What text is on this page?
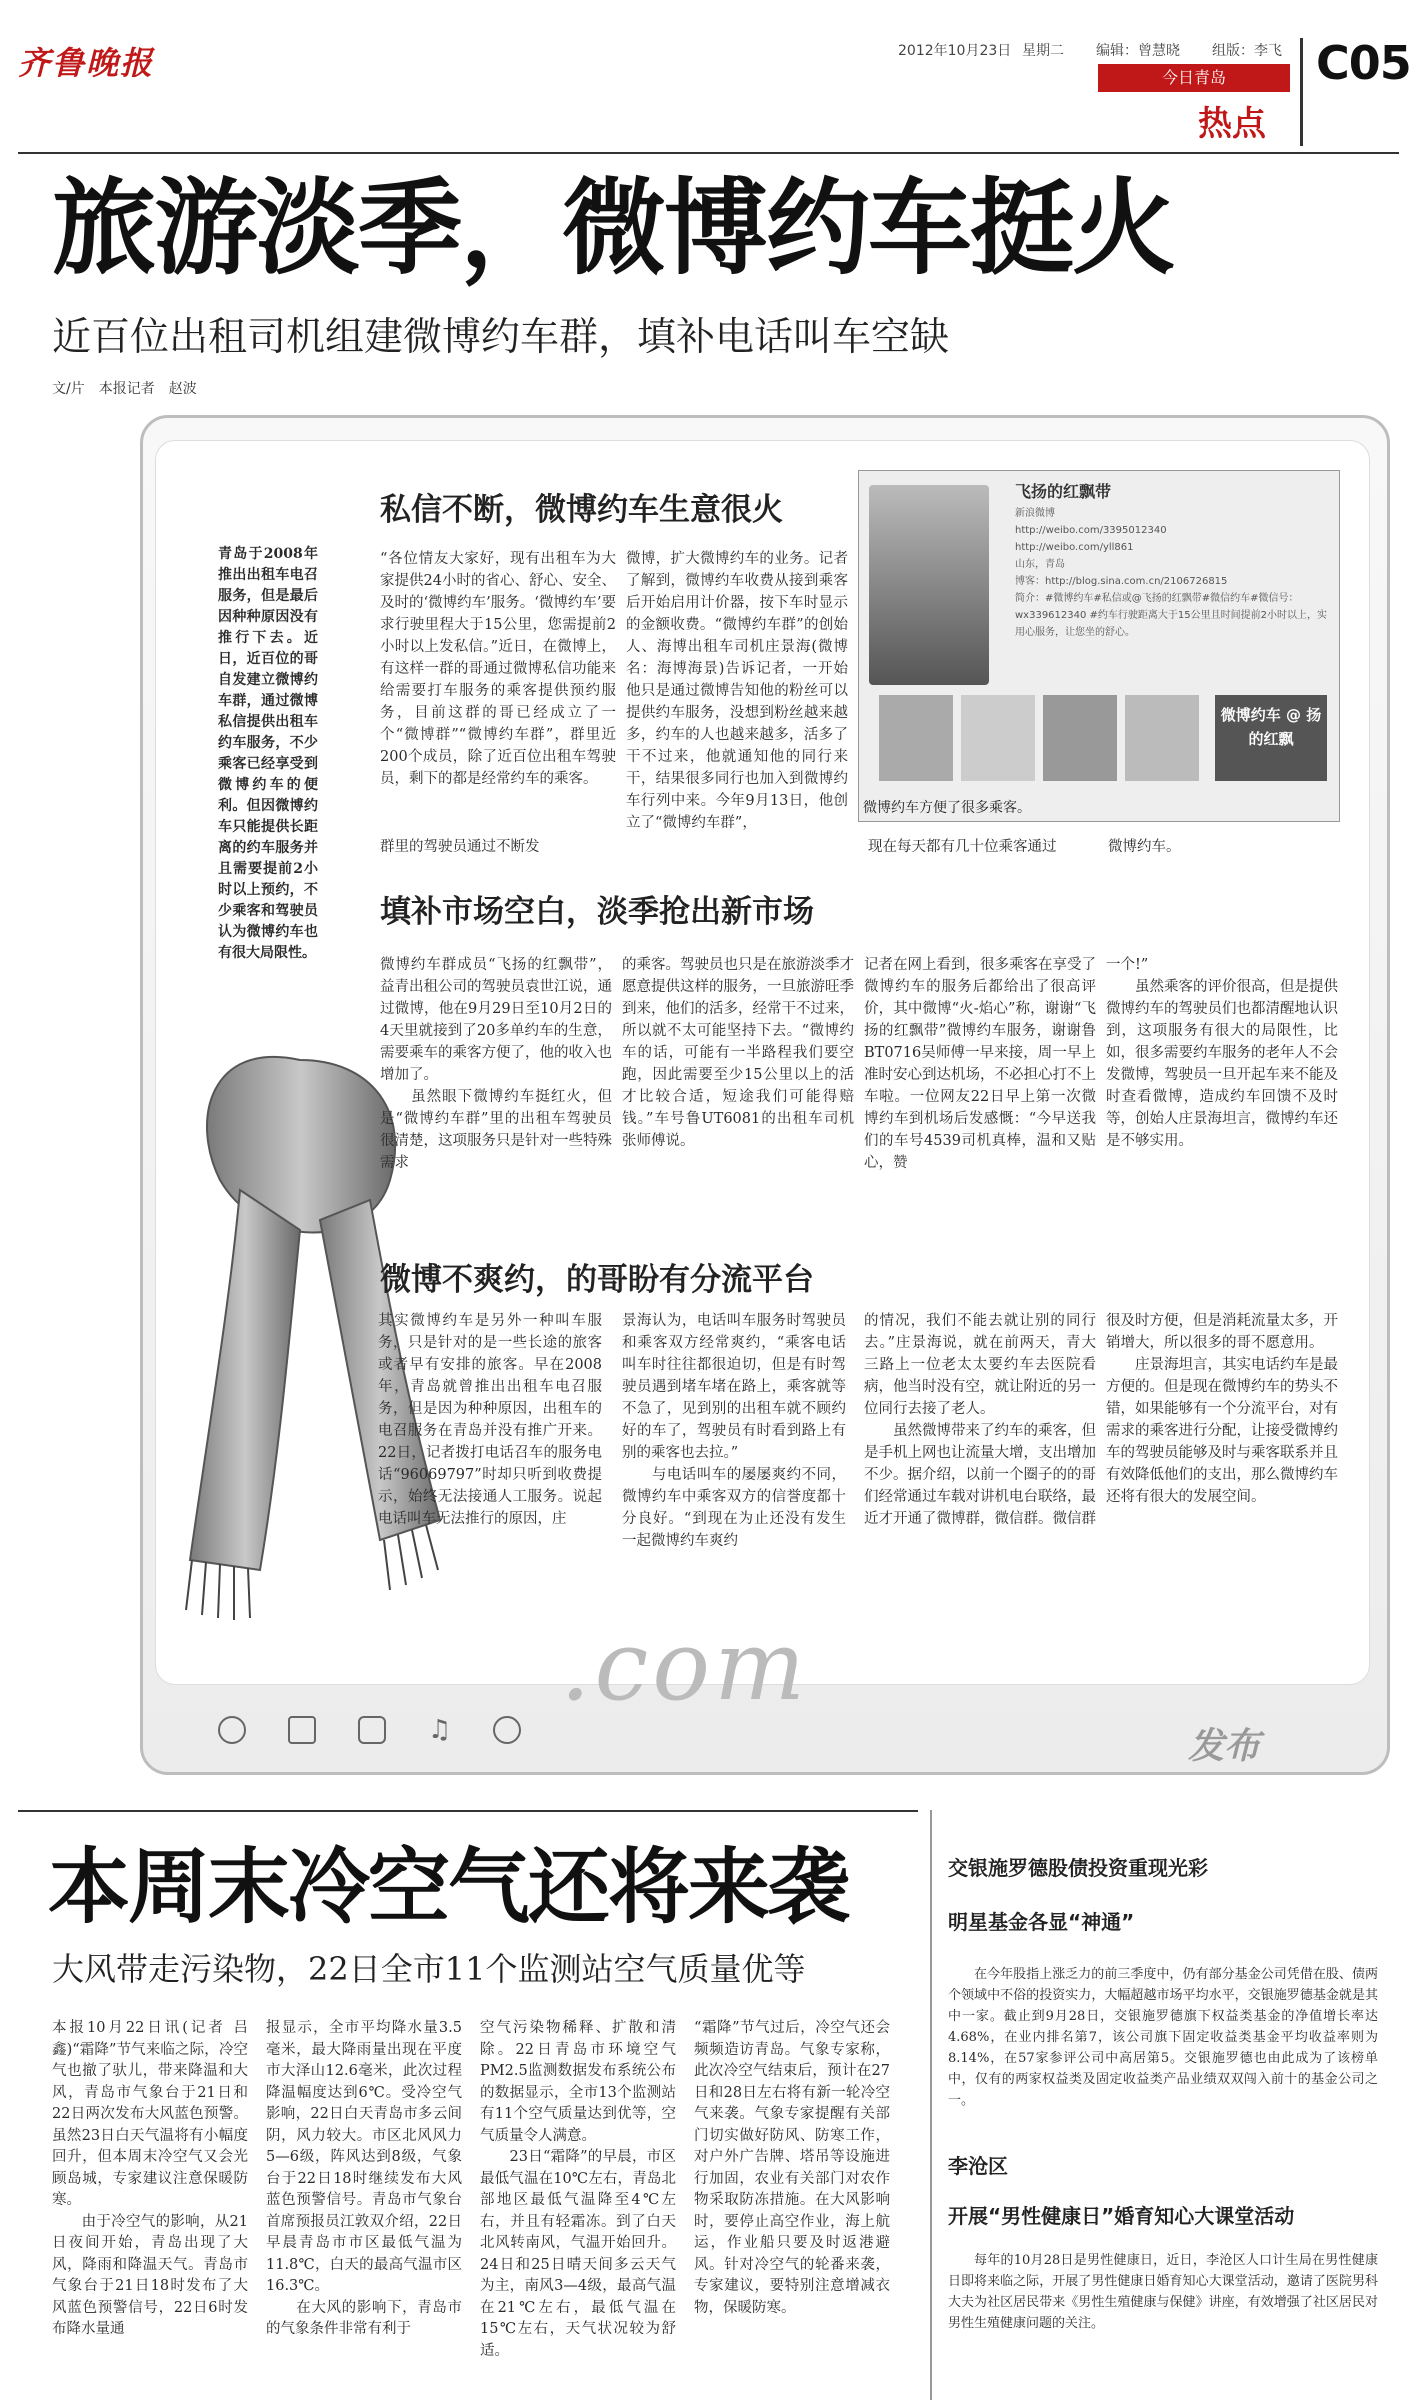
齐鲁晚报	2012年10月23日 星期二 编辑：曾慧晓 组版：李飞
今日青岛
热点
C05
旅游淡季，微博约车挺火
近百位出租司机组建微博约车群，填补电话叫车空缺
文/片　本报记者　赵波
青岛于2008年推出出租车电召服务，但是最后因种种原因没有推行下去。近日，近百位的哥自发建立微博约车群，通过微博私信提供出租车约车服务，不少乘客已经享受到微博约车的便利。但因微博约车只能提供长距离的约车服务并且需要提前2小时以上预约，不少乘客和驾驶员认为微博约车也有很大局限性。
飞扬的红飘带
新浪微博
http://weibo.com/3395012340
http://weibo.com/yll861
山东，青岛
博客：http://blog.sina.com.cn/2106726815
简介：#微博约车#私信或@飞扬的红飘带#微信约车#微信号：
wx339612340 #约车行驶距离大于15公里且时间提前2小时以上，实用心服务，让您坐的舒心。
微博约车 @ 扬的红飘
微博约车方便了很多乘客。
私信不断，微博约车生意很火
“各位情友大家好，现有出租车为大家提供24小时的省心、舒心、安全、及时的‘微博约车’服务。‘微博约车’要求行驶里程大于15公里，您需提前2小时以上发私信。”近日，在微博上，有这样一群的哥通过微博私信功能来给需要打车服务的乘客提供预约服务，目前这群的哥已经成立了一个“微博群”“微博约车群”，群里近200个成员，除了近百位出租车驾驶员，剩下的都是经常约车的乘客。
群里的驾驶员通过不断发
微博，扩大微博约车的业务。记者了解到，微博约车收费从接到乘客后开始启用计价器，按下车时显示的金额收费。“微博约车群”的创始人、海博出租车司机庄景海(微博名：海博海景)告诉记者，一开始他只是通过微博告知他的粉丝可以提供约车服务，没想到粉丝越来越多，约车的人也越来越多，活多了干不过来，他就通知他的同行来干，结果很多同行也加入到微博约车行列中来。今年9月13日，他创立了“微博约车群”，
现在每天都有几十位乘客通过	微博约车。
填补市场空白，淡季抢出新市场
微博约车群成员“飞扬的红飘带”，益青出租公司的驾驶员袁世江说，通过微博，他在9月29日至10月2日的4天里就接到了20多单约车的生意，需要乘车的乘客方便了，他的收入也增加了。
　　虽然眼下微博约车挺红火，但是“微博约车群”里的出租车驾驶员很清楚，这项服务只是针对一些特殊需求
的乘客。驾驶员也只是在旅游淡季才愿意提供这样的服务，一旦旅游旺季到来，他们的活多，经常干不过来，所以就不太可能坚持下去。“微博约车的话，可能有一半路程我们要空跑，因此需要至少15公里以上的活才比较合适，短途我们可能得赔钱。”车号鲁UT6081的出租车司机张师傅说。
记者在网上看到，很多乘客在享受了微博约车的服务后都给出了很高评价，其中微博“火-焰心”称，谢谢“飞扬的红飘带”微博约车服务，谢谢鲁BT0716吴师傅一早来接，周一早上准时安心到达机场，不必担心打不上车啦。一位网友22日早上第一次微博约车到机场后发感慨：“今早送我们的车号4539司机真棒，温和又贴心，赞
一个!”
　　虽然乘客的评价很高，但是提供微博约车的驾驶员们也都清醒地认识到，这项服务有很大的局限性，比如，很多需要约车服务的老年人不会发微博，驾驶员一旦开起车来不能及时查看微博，造成约车回馈不及时等，创始人庄景海坦言，微博约车还是不够实用。
微博不爽约，的哥盼有分流平台
其实微博约车是另外一种叫车服务，只是针对的是一些长途的旅客或者早有安排的旅客。早在2008年，青岛就曾推出出租车电召服务，但是因为种种原因，出租车的电召服务在青岛并没有推广开来。22日，记者拨打电话召车的服务电话“96069797”时却只听到收费提示，始终无法接通人工服务。说起电话叫车无法推行的原因，庄
景海认为，电话叫车服务时驾驶员和乘客双方经常爽约，“乘客电话叫车时往往都很迫切，但是有时驾驶员遇到堵车堵在路上，乘客就等不急了，见到别的出租车就不顾约好的车了，驾驶员有时看到路上有别的乘客也去拉。”
　　与电话叫车的屡屡爽约不同，微博约车中乘客双方的信誉度都十分良好。“到现在为止还没有发生一起微博约车爽约
的情况，我们不能去就让别的同行去。”庄景海说，就在前两天，青大三路上一位老太太要约车去医院看病，他当时没有空，就让附近的另一位同行去接了老人。
　　虽然微博带来了约车的乘客，但是手机上网也让流量大增，支出增加不少。据介绍，以前一个圈子的的哥们经常通过车载对讲机电台联络，最近才开通了微博群，微信群。微信群
很及时方便，但是消耗流量太多，开销增大，所以很多的哥不愿意用。
　　庄景海坦言，其实电话约车是最方便的。但是现在微博约车的势头不错，如果能够有一个分流平台，对有需求的乘客进行分配，让接受微博约车的驾驶员能够及时与乘客联系并且有效降低他们的支出，那么微博约车还将有很大的发展空间。
.com
♫	发布
本周末冷空气还将来袭
大风带走污染物，22日全市11个监测站空气质量优等
本报10月22日讯(记者 吕鑫)“霜降”节气来临之际，冷空气也撤了驮儿，带来降温和大风，青岛市气象台于21日和22日两次发布大风蓝色预警。虽然23日白天气温将有小幅度回升，但本周末冷空气又会光顾岛城，专家建议注意保暖防寒。
　　由于冷空气的影响，从21日夜间开始，青岛出现了大风，降雨和降温天气。青岛市气象台于21日18时发布了大风蓝色预警信号，22日6时发布降水量通
报显示，全市平均降水量3.5毫米，最大降雨量出现在平度市大泽山12.6毫米，此次过程降温幅度达到6℃。受冷空气影响，22日白天青岛市多云间阴，风力较大。市区北风风力5—6级，阵风达到8级，气象台于22日18时继续发布大风蓝色预警信号。青岛市气象台首席预报员江敦双介绍，22日早晨青岛市市区最低气温为11.8℃，白天的最高气温市区16.3℃。
　　在大风的影响下，青岛市的气象条件非常有利于
空气污染物稀释、扩散和清除。22日青岛市环境空气PM2.5监测数据发布系统公布的数据显示，全市13个监测站有11个空气质量达到优等，空气质量令人满意。
　　23日“霜降”的早晨，市区最低气温在10℃左右，青岛北部地区最低气温降至4℃左右，并且有轻霜冻。到了白天北风转南风，气温开始回升。24日和25日晴天间多云天气为主，南风3—4级，最高气温在21℃左右，最低气温在15℃左右，天气状况较为舒适。
“霜降”节气过后，冷空气还会频频造访青岛。气象专家称，此次冷空气结束后，预计在27日和28日左右将有新一轮冷空气来袭。气象专家提醒有关部门切实做好防风、防寒工作，对户外广告牌、塔吊等设施进行加固，农业有关部门对农作物采取防冻措施。在大风影响时，要停止高空作业，海上航运，作业船只要及时返港避风。针对冷空气的轮番来袭，专家建议，要特别注意增减衣物，保暖防寒。
交银施罗德股债投资重现光彩
明星基金各显“神通”
在今年股指上涨乏力的前三季度中，仍有部分基金公司凭借在股、债两个领域中不俗的投资实力，大幅超越市场平均水平，交银施罗德基金就是其中一家。截止到9月28日，交银施罗德旗下权益类基金的净值增长率达4.68%，在业内排名第7，该公司旗下固定收益类基金平均收益率则为8.14%，在57家参评公司中高居第5。交银施罗德也由此成为了该榜单中，仅有的两家权益类及固定收益类产品业绩双双闯入前十的基金公司之一。
李沧区
开展“男性健康日”婚育知心大课堂活动
每年的10月28日是男性健康日，近日，李沧区人口计生局在男性健康日即将来临之际，开展了男性健康日婚育知心大课堂活动，邀请了医院男科大夫为社区居民带来《男性生殖健康与保健》讲座，有效增强了社区居民对男性生殖健康问题的关注。
